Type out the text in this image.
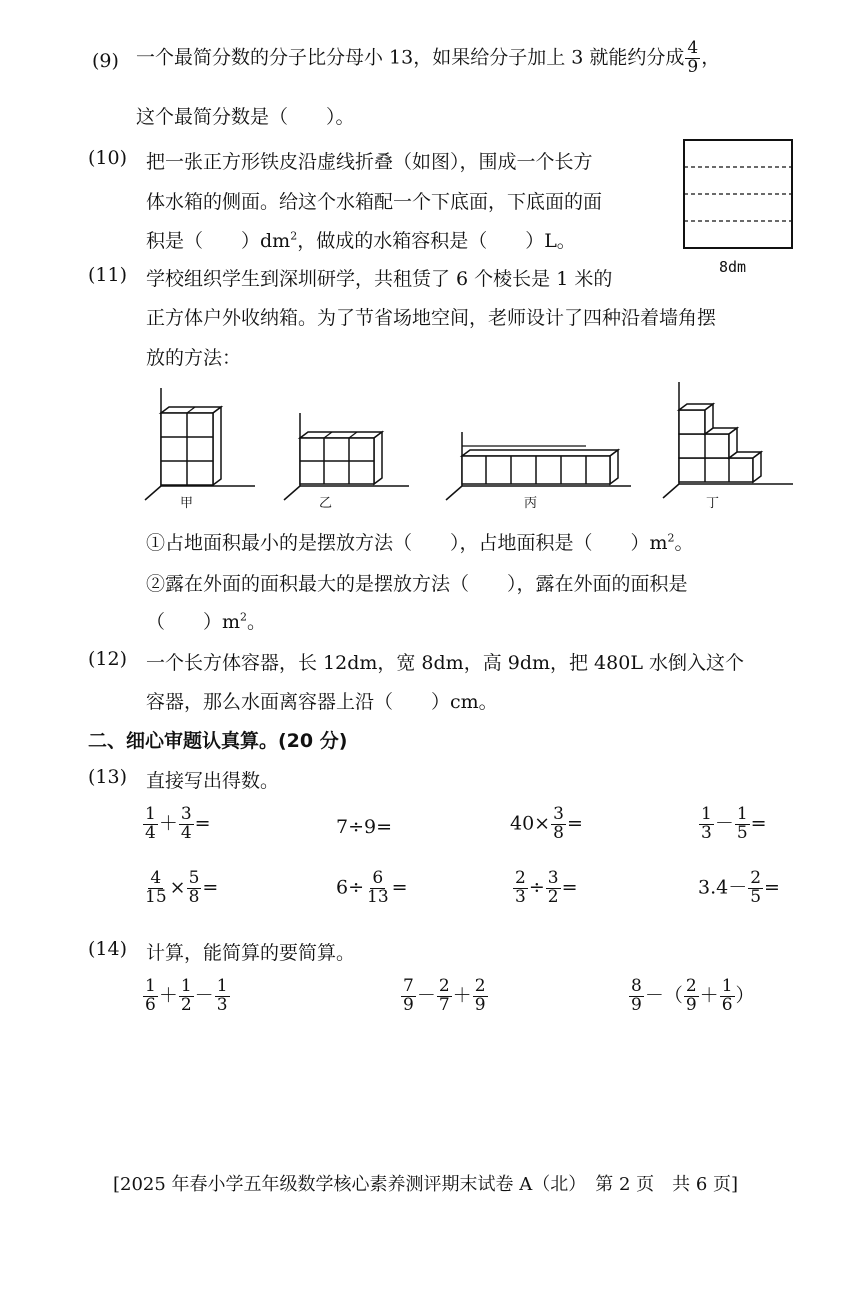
(9) 一个最简分数的分子比分母小 13，如果给分子加上 3 就能约分成 $\frac{4}{9}$ ，
这个最简分数是（　　）。
(10) 把一张正方形铁皮沿虚线折叠（如图），围成一个长方
体水箱的侧面。给这个水箱配一个下底面，下底面的面
积是（　　）$dm^2$，做成的水箱容积是（　　）L。
8dm
(11) 学校组织学生到深圳研学，共租赁了 6 个棱长是 1 米的
正方体户外收纳箱。为了节省场地空间，老师设计了四种沿着墙角摆
放的方法：
甲	乙	丙	丁
①占地面积最小的是摆放方法（　　），占地面积是（　　）$m^2$。
②露在外面的面积最大的是摆放方法（　　），露在外面的面积是
（　　）$m^2$。
(12) 一个长方体容器，长 12dm，宽 8dm，高 9dm，把 480L 水倒入这个
容器，那么水面离容器上沿（　　）cm。
二、细心审题认真算。(20 分)
(13) 直接写出得数。
$\frac{1}{4} + \frac{3}{4}$ =	7÷9=	$40\times \frac{3}{8}$ =	$\frac{1}{3} - \frac{1}{5}$ =
$\frac{4}{15} \times \frac{5}{8}$ =	$6\div \frac{6}{13}$ =	$\frac{2}{3} \div \frac{3}{2}$ =	$3.4- \frac{2}{5}$ =
(14) 计算，能简算的要简算。
$\frac{1}{6} + \frac{1}{2} - \frac{1}{3}$	$\frac{7}{9} - \frac{2}{7} + \frac{2}{9}$	$\frac{8}{9}$ －（ $\frac{2}{9} + \frac{1}{6}$ ）
[2025 年春小学五年级数学核心素养测评期末试卷 A（北）　第 2 页　共 6 页]
